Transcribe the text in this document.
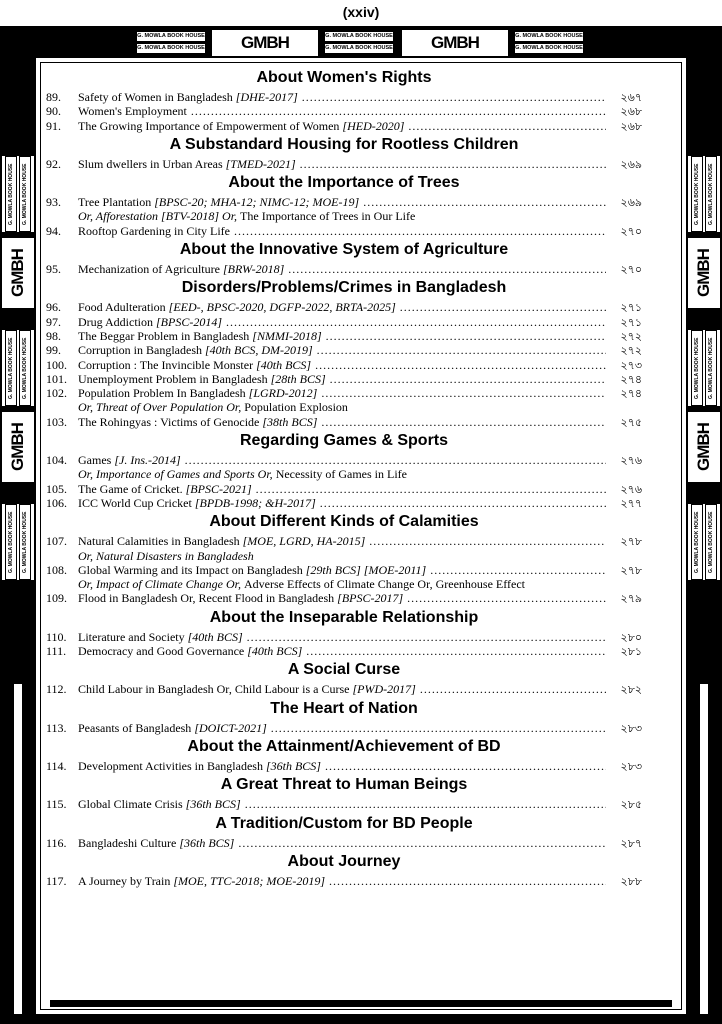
(xxiv)
G. MOWLA BOOK HOUSE
G. MOWLA BOOK HOUSE	GMBH	G. MOWLA BOOK HOUSE
G. MOWLA BOOK HOUSE	GMBH	G. MOWLA BOOK HOUSE
G. MOWLA BOOK HOUSE
G. MOWLA BOOK HOUSE	G. MOWLA BOOK HOUSE
GMBH
G. MOWLA BOOK HOUSE	G. MOWLA BOOK HOUSE
GMBH
G. MOWLA BOOK HOUSE	G. MOWLA BOOK HOUSE
G. MOWLA BOOK HOUSE	G. MOWLA BOOK HOUSE
GMBH
G. MOWLA BOOK HOUSE	G. MOWLA BOOK HOUSE
GMBH
G. MOWLA BOOK HOUSE	G. MOWLA BOOK HOUSE
About Women's Rights
89.	Safety of Women in Bangladesh [DHE-2017] .....	২৬৭
90.	Women's Employment .....	২৬৮
91.	The Growing Importance of Empowerment of Women [HED-2020] .....	২৬৮
A Substandard Housing for Rootless Children
92.	Slum dwellers in Urban Areas [TMED-2021] .....	২৬৯
About the Importance of Trees
93.	Tree Plantation [BPSC-20; MHA-12; NIMC-12; MOE-19] .....	২৬৯
Or, Afforestation [BTV-2018] Or, The Importance of Trees in Our Life
94.	Rooftop Gardening in City Life .....	২৭০
About the Innovative System of Agriculture
95.	Mechanization of Agriculture [BRW-2018] .....	২৭০
Disorders/Problems/Crimes in Bangladesh
96.	Food Adulteration [EED-, BPSC-2020, DGFP-2022, BRTA-2025] .....	২৭১
97.	Drug Addiction [BPSC-2014] .....	২৭১
98.	The Beggar Problem in Bangladesh [NMMI-2018] .....	২৭২
99.	Corruption in Bangladesh [40th BCS, DM-2019] .....	২৭২
100. Corruption : The Invincible Monster [40th BCS] .....	২৭৩
101. Unemployment Problem in Bangladesh [28th BCS] .....	২৭৪
102. Population Problem In Bangladesh [LGRD-2012] .....	২৭৪
Or, Threat of Over Population Or, Population Explosion
103. The Rohingyas : Victims of Genocide [38th BCS] .....	২৭৫
Regarding Games & Sports
104. Games [J. Ins.-2014] .....	২৭৬
Or, Importance of Games and Sports Or, Necessity of Games in Life
105. The Game of Cricket. [BPSC-2021] .....	২৭৬
106. ICC World Cup Cricket [BPDB-1998; &H-2017] .....	২৭৭
About Different Kinds of Calamities
107. Natural Calamities in Bangladesh [MOE, LGRD, HA-2015] .....	২৭৮
Or, Natural Disasters in Bangladesh
108. Global Warming and its Impact on Bangladesh [29th BCS] [MOE-2011] .....	২৭৮
Or, Impact of Climate Change Or, Adverse Effects of Climate Change Or, Greenhouse Effect
109. Flood in Bangladesh Or, Recent Flood in Bangladesh [BPSC-2017] .....	২৭৯
About the Inseparable Relationship
110. Literature and Society [40th BCS] .....	২৮০
111. Democracy and Good Governance [40th BCS] .....	২৮১
A Social Curse
112. Child Labour in Bangladesh Or, Child Labour is a Curse [PWD-2017] .....	২৮২
The Heart of Nation
113. Peasants of Bangladesh [DOICT-2021] .....	২৮৩
About the Attainment/Achievement of BD
114. Development Activities in Bangladesh [36th BCS] .....	২৮৩
A Great Threat to Human Beings
115. Global Climate Crisis [36th BCS] .....	২৮৫
A Tradition/Custom for BD People
116. Bangladeshi Culture [36th BCS] .....	২৮৭
About Journey
117. A Journey by Train [MOE, TTC-2018; MOE-2019] .....	২৮৮
